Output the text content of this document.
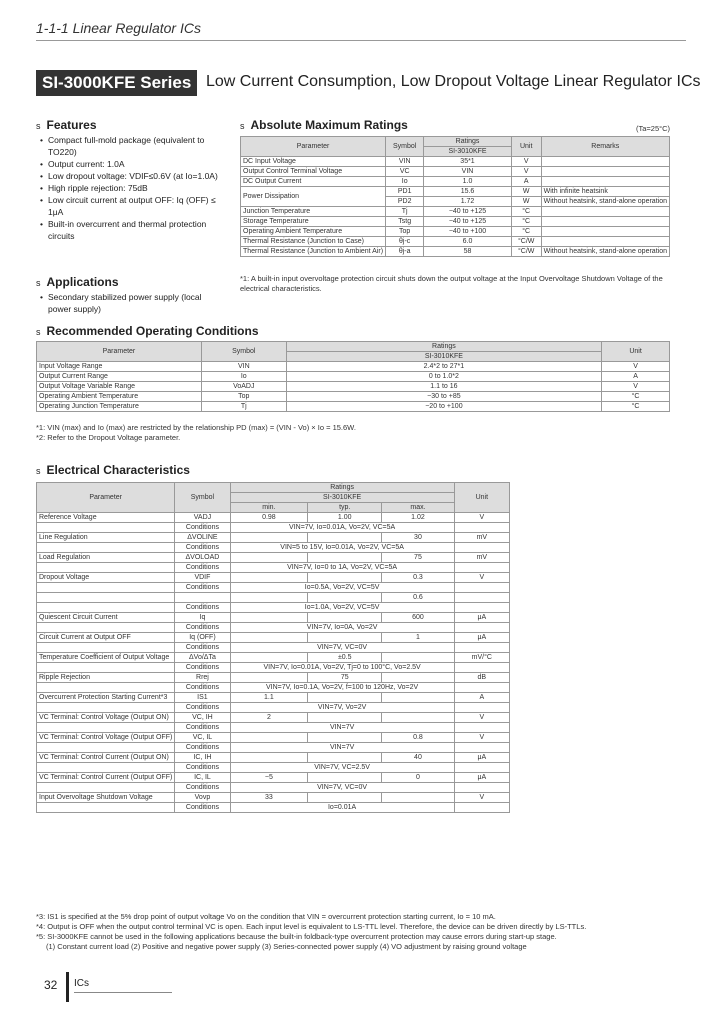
1-1-1 Linear Regulator ICs
SI-3000KFE Series Low Current Consumption, Low Dropout Voltage Linear Regulator ICs
s Features
• Compact full-mold package (equivalent to TO220)
• Output current: 1.0A
• Low dropout voltage: VDIF≤0.6V (at Io=1.0A)
• High ripple rejection: 75dB
• Low circuit current at output OFF: Iq (OFF) ≤ 1μA
• Built-in overcurrent and thermal protection circuits
s Applications
• Secondary stabilized power supply (local power supply)
s Absolute Maximum Ratings	(Ta=25°C)
Parameter	Symbol	Ratings	Unit	Remarks
		SI-3010KFE		
DC Input Voltage	VIN	35*1	V	
Output Control Terminal Voltage	VC	VIN	V	
DC Output Current	Io	1.0	A	
Power Dissipation	PD1	15.6	W	With infinite heatsink
	PD2	1.72	W	Without heatsink, stand-alone operation
Junction Temperature	Tj	−40 to +125	°C	
Storage Temperature	Tstg	−40 to +125	°C	
Operating Ambient Temperature	Top	−40 to +100	°C	
Thermal Resistance (Junction to Case)	θj-c	6.0	°C/W	
Thermal Resistance (Junction to Ambient Air)	θj-a	58	°C/W	Without heatsink, stand-alone operation
*1: A built-in input overvoltage protection circuit shuts down the output voltage at the Input Overvoltage Shutdown Voltage of the electrical characteristics.
s Recommended Operating Conditions
Parameter	Symbol	Ratings	Unit
		SI-3010KFE	
Input Voltage Range	VIN	2.4*2 to 27*1	V
Output Current Range	Io	0 to 1.0*2	A
Output Voltage Variable Range	VoADJ	1.1 to 16	V
Operating Ambient Temperature	Top	−30 to +85	°C
Operating Junction Temperature	Tj	−20 to +100	°C
*1: VIN (max) and Io (max) are restricted by the relationship PD (max) = (VIN - Vo) × Io = 15.6W.
*2: Refer to the Dropout Voltage parameter.
s Electrical Characteristics
Parameter	Symbol	Ratings			Unit
		SI-3010KFE			
		min.	typ.	max.	
Reference Voltage	VADJ	0.98	1.00	1.02	V
	Conditions	VIN=7V, Io=0.01A, Vo=2V, VC=5A			
Line Regulation	ΔVOLINE			30	mV
	Conditions	VIN=5 to 15V, Io=0.01A, Vo=2V, VC=5A			
Load Regulation	ΔVOLOAD			75	mV
	Conditions	VIN=7V, Io=0 to 1A, Vo=2V, VC=5A			
Dropout Voltage	VDIF			0.3	V
	Conditions	Io=0.5A, Vo=2V, VC=5V			
				0.6	
	Conditions	Io=1.0A, Vo=2V, VC=5V			
Quiescent Circuit Current	Iq			600	μA
	Conditions	VIN=7V, Io=0A, Vo=2V			
Circuit Current at Output OFF	Iq (OFF)			1	μA
	Conditions	VIN=7V, VC=0V			
Temperature Coefficient of Output Voltage	ΔVo/ΔTa		±0.5		mV/°C
	Conditions	VIN=7V, Io=0.01A, Vo=2V, Tj=0 to 100°C, Vo=2.5V			
Ripple Rejection	Rrej		75		dB
	Conditions	VIN=7V, Io=0.1A, Vo=2V, f=100 to 120Hz, Vo=2V			
Overcurrent Protection Starting Current*3	IS1	1.1			A
	Conditions	VIN=7V, Vo=2V			
VC Terminal: Control Voltage (Output ON)	VC, IH	2			V
	Conditions	VIN=7V			
VC Terminal: Control Voltage (Output OFF)	VC, IL			0.8	V
	Conditions	VIN=7V			
VC Terminal: Control Current (Output ON)	IC, IH			40	μA
	Conditions	VIN=7V, VC=2.5V			
VC Terminal: Control Current (Output OFF)	IC, IL	−5		0	μA
	Conditions	VIN=7V, VC=0V			
Input Overvoltage Shutdown Voltage	Vovp	33			V
	Conditions	Io=0.01A			
*3: IS1 is specified at the 5% drop point of output voltage Vo on the condition that VIN = overcurrent protection starting current, Io = 10 mA.
*4: Output is OFF when the output control terminal VC is open. Each input level is equivalent to LS-TTL level. Therefore, the device can be driven directly by LS-TTLs.
*5: SI-3000KFE cannot be used in the following applications because the built-in foldback-type overcurrent protection may cause errors during start-up stage.
(1) Constant current load (2) Positive and negative power supply (3) Series-connected power supply (4) VO adjustment by raising ground voltage
32 ICs
